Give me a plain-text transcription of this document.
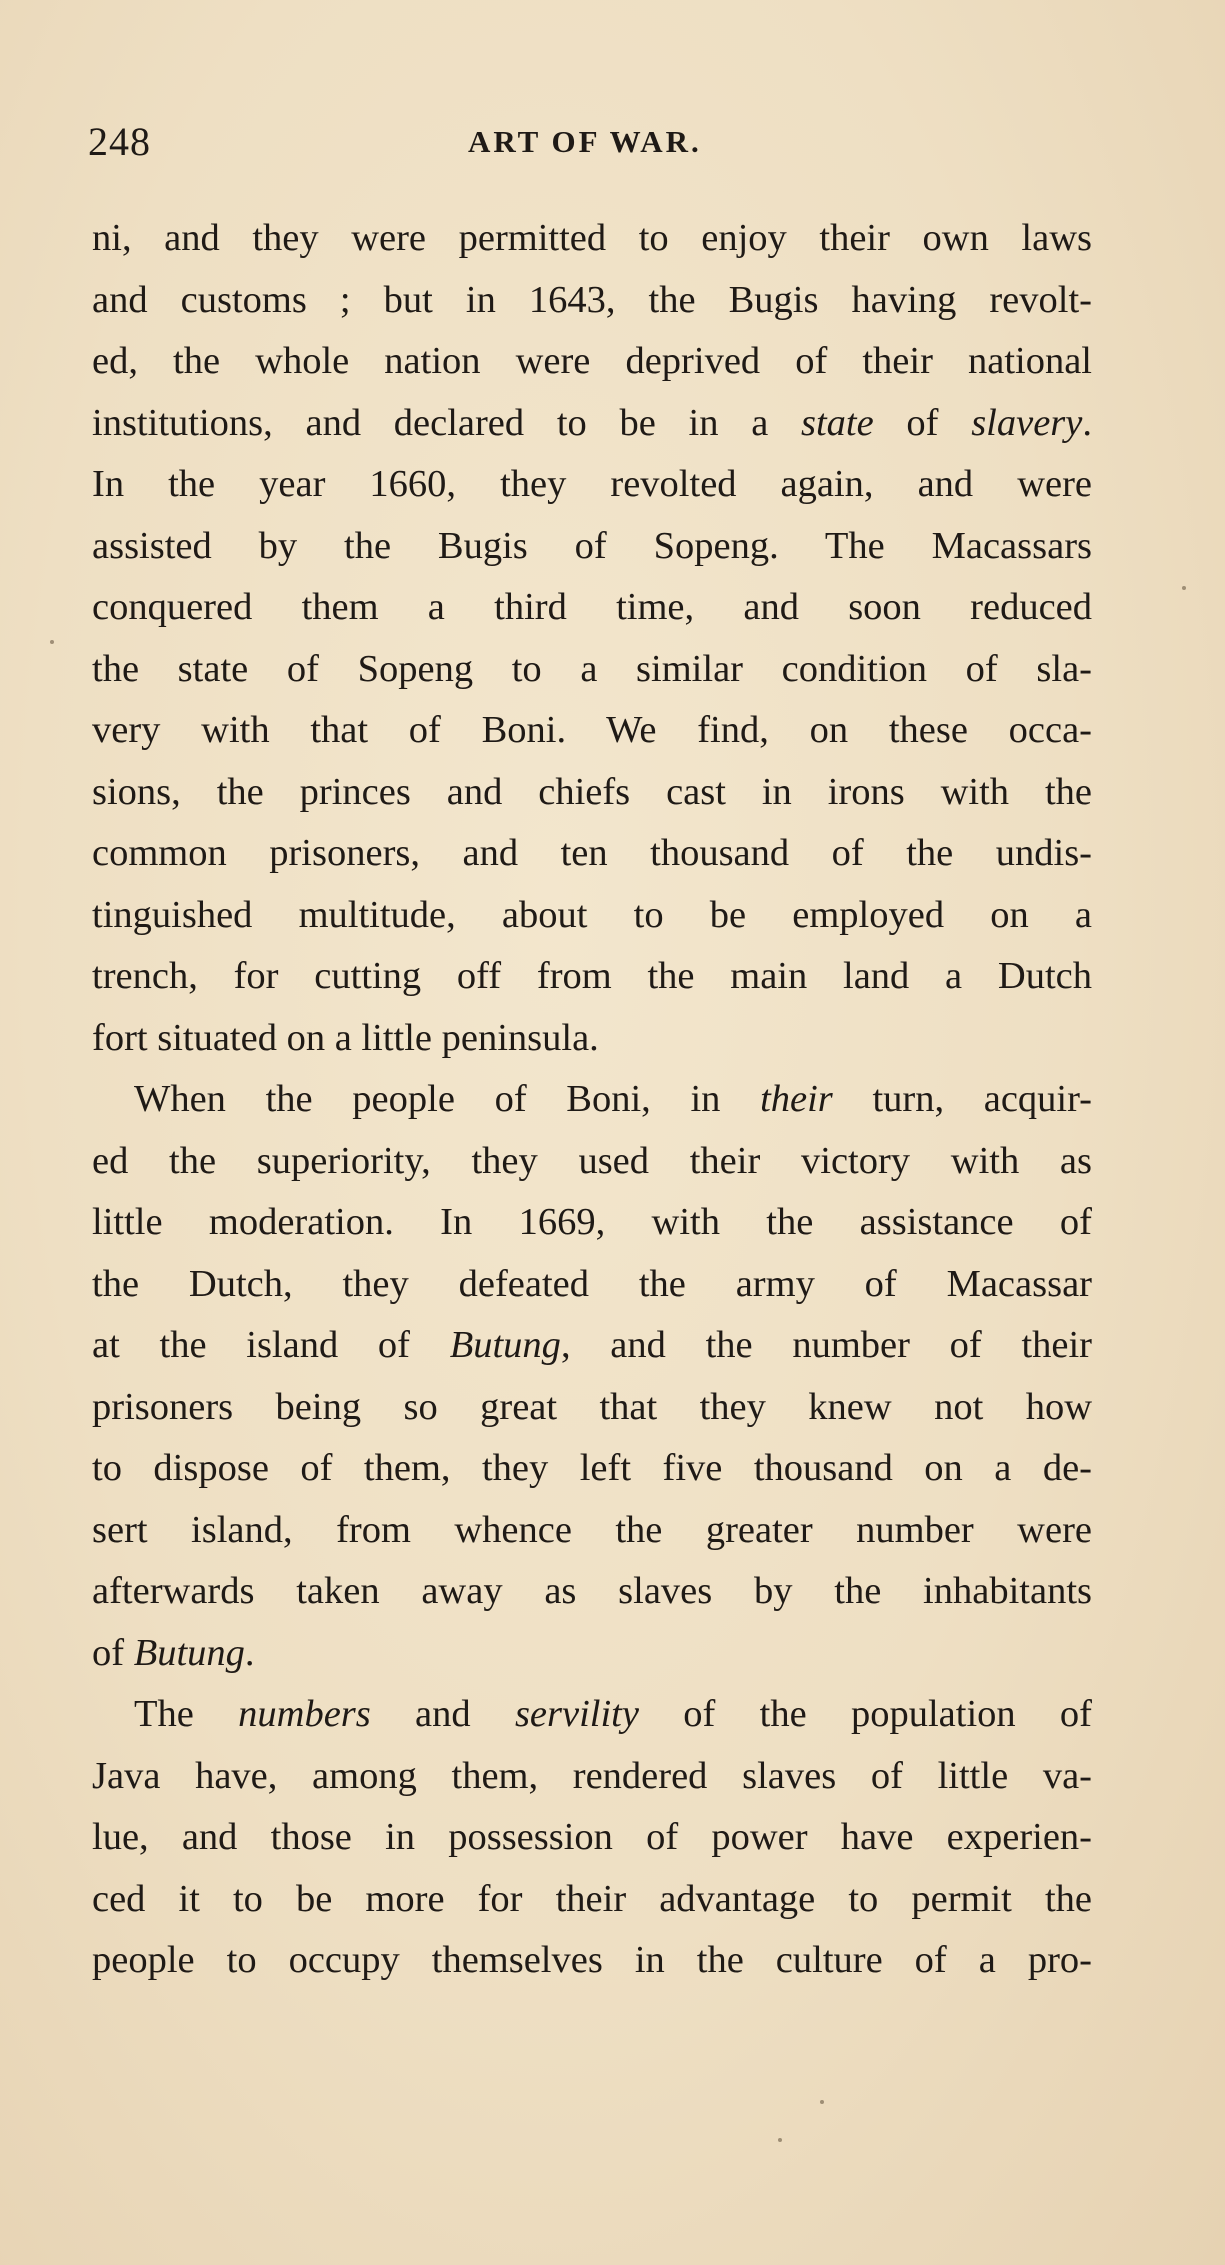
248	ART OF WAR.
ni, and they were permitted to enjoy their own laws
and customs ; but in 1643, the Bugis having revolt-
ed, the whole nation were deprived of their national
institutions, and declared to be in a state of slavery.
In the year 1660, they revolted again, and were
assisted by the Bugis of Sopeng. The Macassars
conquered them a third time, and soon reduced
the state of Sopeng to a similar condition of sla-
very with that of Boni. We find, on these occa-
sions, the princes and chiefs cast in irons with the
common prisoners, and ten thousand of the undis-
tinguished multitude, about to be employed on a
trench, for cutting off from the main land a Dutch
fort situated on a little peninsula.
When the people of Boni, in their turn, acquir-
ed the superiority, they used their victory with as
little moderation. In 1669, with the assistance of
the Dutch, they defeated the army of Macassar
at the island of Butung, and the number of their
prisoners being so great that they knew not how
to dispose of them, they left five thousand on a de-
sert island, from whence the greater number were
afterwards taken away as slaves by the inhabitants
of Butung.
The numbers and servility of the population of
Java have, among them, rendered slaves of little va-
lue, and those in possession of power have experien-
ced it to be more for their advantage to permit the
people to occupy themselves in the culture of a pro-
